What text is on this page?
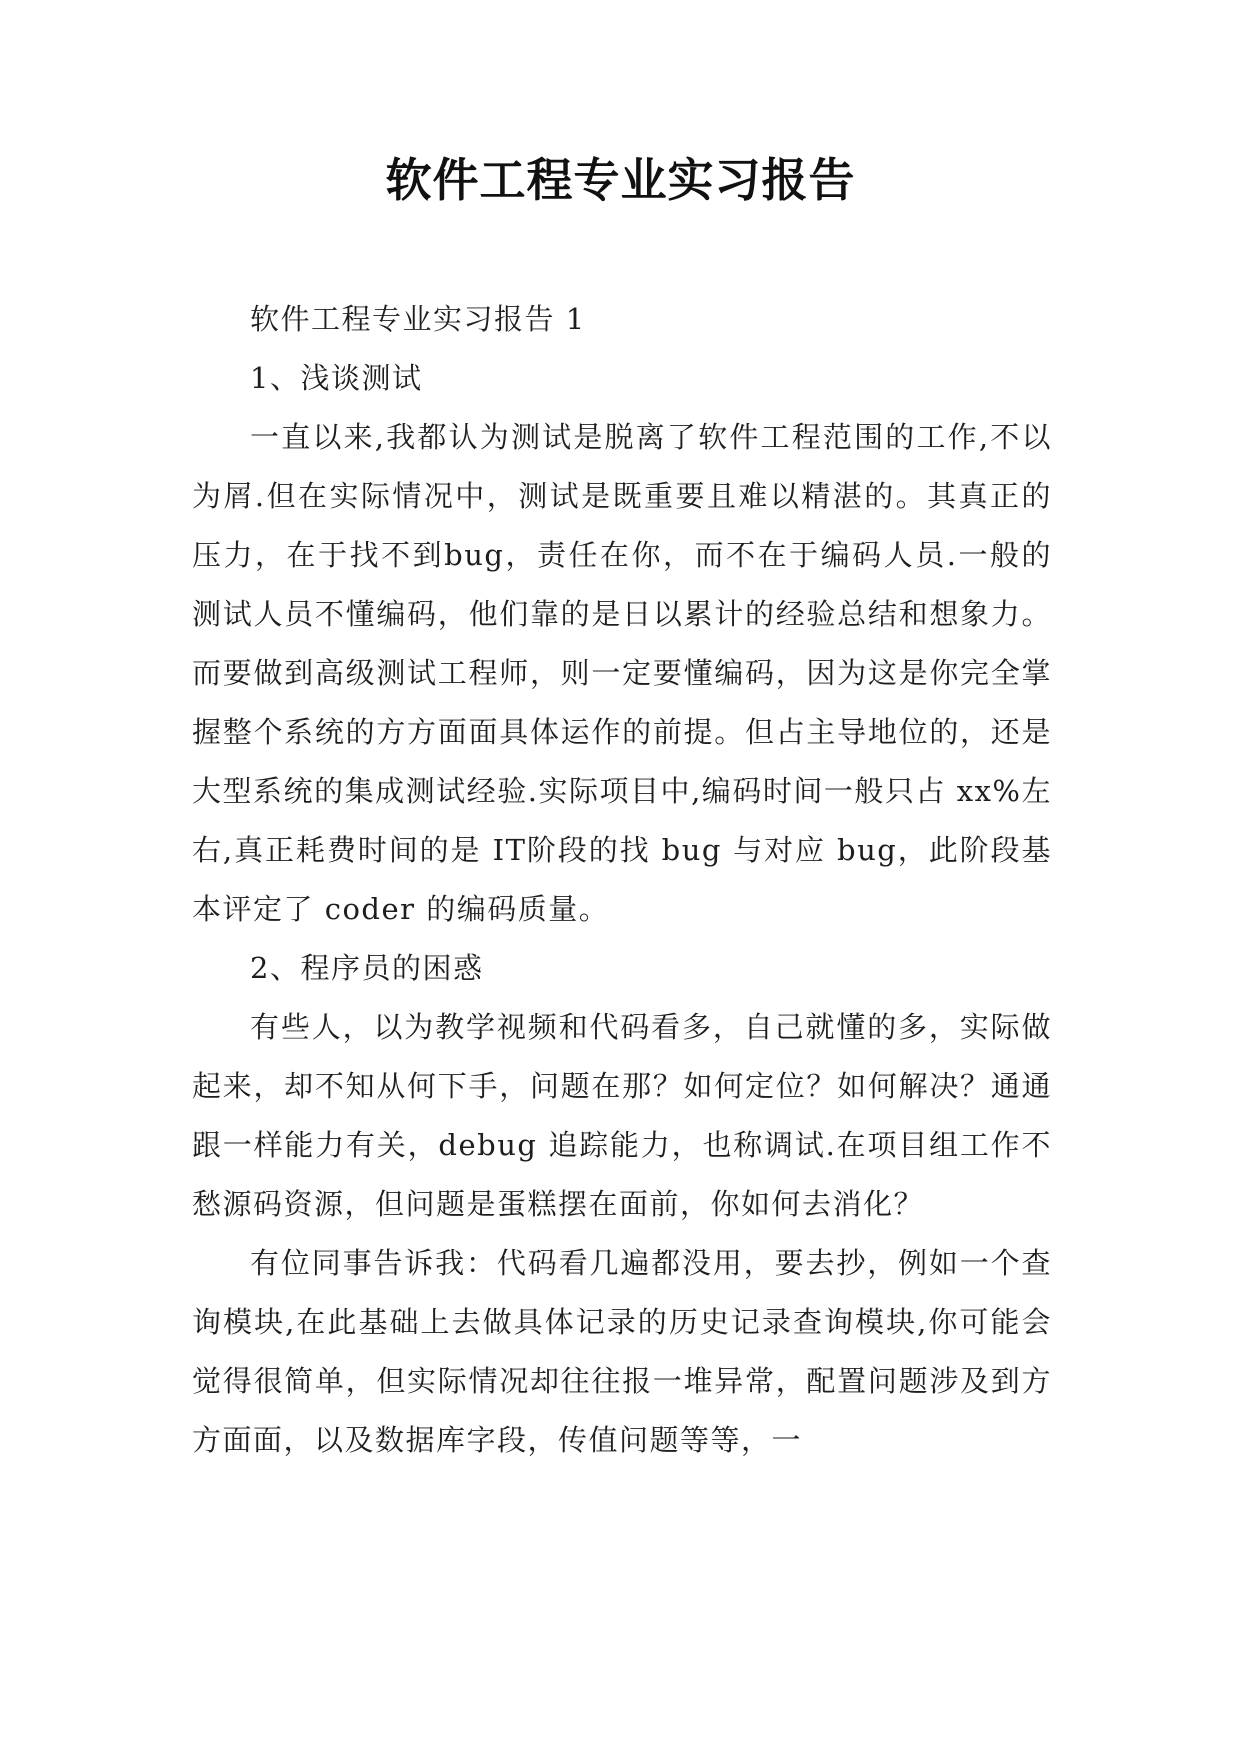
软件工程专业实习报告

软件工程专业实习报告 1

1、浅谈测试

一直以来,我都认为测试是脱离了软件工程范围的工作,不以为屑.但在实际情况中，测试是既重要且难以精湛的。其真正的压力，在于找不到bug，责任在你，而不在于编码人员.一般的测试人员不懂编码，他们靠的是日以累计的经验总结和想象力。而要做到高级测试工程师，则一定要懂编码，因为这是你完全掌握整个系统的方方面面具体运作的前提。但占主导地位的，还是大型系统的集成测试经验.实际项目中,编码时间一般只占 xx%左右,真正耗费时间的是 IT阶段的找 bug 与对应 bug，此阶段基本评定了 coder 的编码质量。

2、程序员的困惑

有些人，以为教学视频和代码看多，自己就懂的多，实际做起来，却不知从何下手，问题在那？如何定位？如何解决？通通跟一样能力有关，debug 追踪能力，也称调试.在项目组工作不愁源码资源，但问题是蛋糕摆在面前，你如何去消化？

有位同事告诉我：代码看几遍都没用，要去抄，例如一个查询模块,在此基础上去做具体记录的历史记录查询模块,你可能会觉得很简单，但实际情况却往往报一堆异常，配置问题涉及到方方面面，以及数据库字段，传值问题等等，一
